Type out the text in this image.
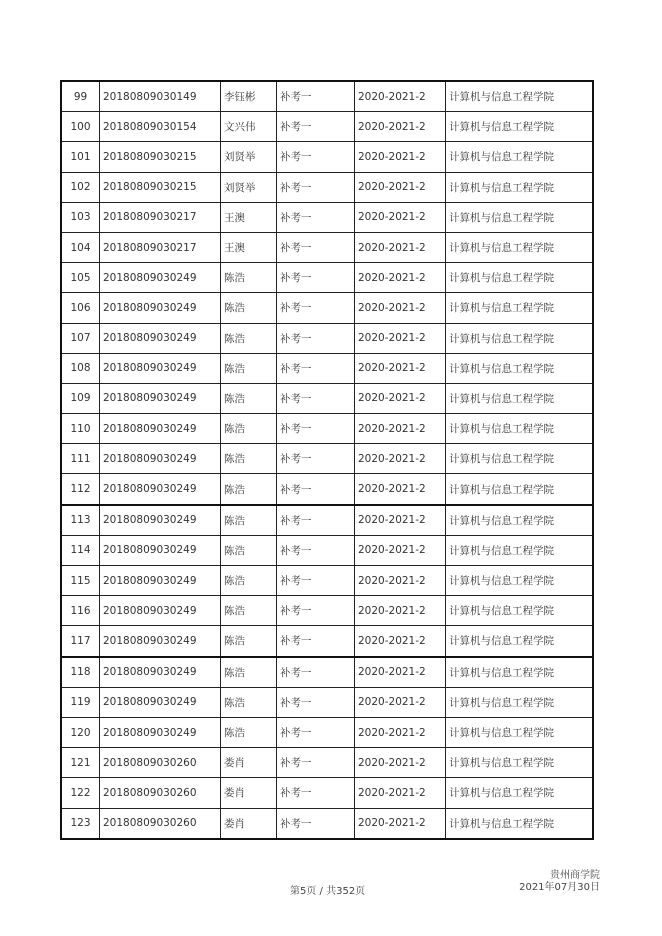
99	20180809030149	李钰彬	补考一	2020-2021-2	计算机与信息工程学院
100	20180809030154	文兴伟	补考一	2020-2021-2	计算机与信息工程学院
101	20180809030215	刘贤举	补考一	2020-2021-2	计算机与信息工程学院
102	20180809030215	刘贤举	补考一	2020-2021-2	计算机与信息工程学院
103	20180809030217	王澳	补考一	2020-2021-2	计算机与信息工程学院
104	20180809030217	王澳	补考一	2020-2021-2	计算机与信息工程学院
105	20180809030249	陈浩	补考一	2020-2021-2	计算机与信息工程学院
106	20180809030249	陈浩	补考一	2020-2021-2	计算机与信息工程学院
107	20180809030249	陈浩	补考一	2020-2021-2	计算机与信息工程学院
108	20180809030249	陈浩	补考一	2020-2021-2	计算机与信息工程学院
109	20180809030249	陈浩	补考一	2020-2021-2	计算机与信息工程学院
110	20180809030249	陈浩	补考一	2020-2021-2	计算机与信息工程学院
111	20180809030249	陈浩	补考一	2020-2021-2	计算机与信息工程学院
112	20180809030249	陈浩	补考一	2020-2021-2	计算机与信息工程学院
113	20180809030249	陈浩	补考一	2020-2021-2	计算机与信息工程学院
114	20180809030249	陈浩	补考一	2020-2021-2	计算机与信息工程学院
115	20180809030249	陈浩	补考一	2020-2021-2	计算机与信息工程学院
116	20180809030249	陈浩	补考一	2020-2021-2	计算机与信息工程学院
117	20180809030249	陈浩	补考一	2020-2021-2	计算机与信息工程学院
118	20180809030249	陈浩	补考一	2020-2021-2	计算机与信息工程学院
119	20180809030249	陈浩	补考一	2020-2021-2	计算机与信息工程学院
120	20180809030249	陈浩	补考一	2020-2021-2	计算机与信息工程学院
121	20180809030260	娄肖	补考一	2020-2021-2	计算机与信息工程学院
122	20180809030260	娄肖	补考一	2020-2021-2	计算机与信息工程学院
123	20180809030260	娄肖	补考一	2020-2021-2	计算机与信息工程学院
第5页 / 共352页
贵州商学院
2021年07月30日
